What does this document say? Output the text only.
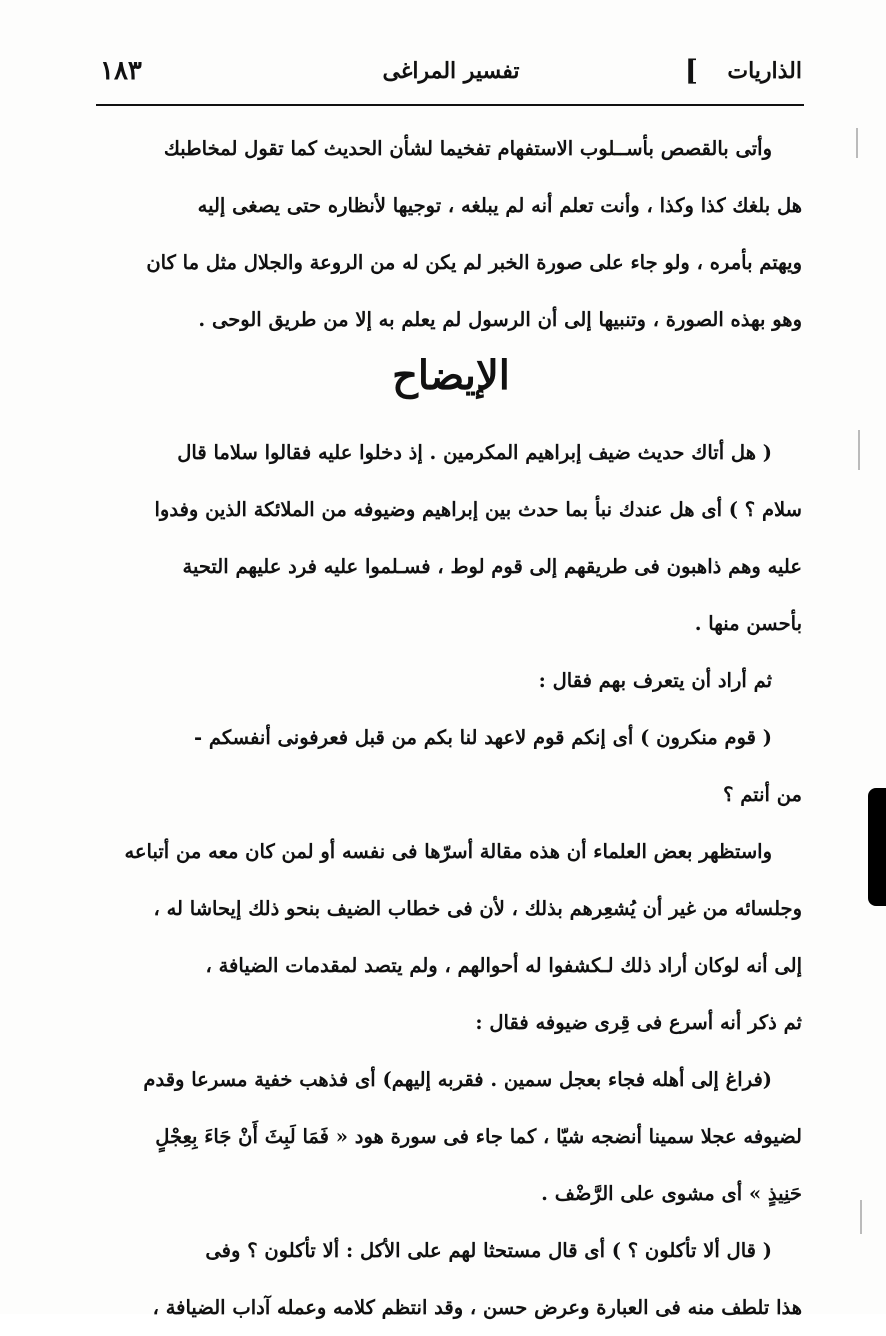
الذاريات
]
تفسير المراغى
١٨٣

وأتى بالقصص بأســلوب الاستفهام تفخيما لشأن الحديث كما تقول لمخاطبك

هل بلغك كذا وكذا ، وأنت تعلم أنه لم يبلغه ، توجيها لأنظاره حتى يصغى إليه

ويهتم بأمره ، ولو جاء على صورة الخبر لم يكن له من الروعة والجلال مثل ما كان

وهو بهذه الصورة ، وتنبيها إلى أن الرسول لم يعلم به إلا من طريق الوحى .

الإيضاح

( هل أتاك حديث ضيف إبراهيم المكرمين . إذ دخلوا عليه فقالوا سلاما قال

سلام ؟ ) أى هل عندك نبأ بما حدث بين إبراهيم وضيوفه من الملائكة الذين وفدوا

عليه وهم ذاهبون فى طريقهم إلى قوم لوط ، فسـلموا عليه فرد عليهم التحية

بأحسن منها .

ثم أراد أن يتعرف بهم فقال :

( قوم منكرون ) أى إنكم قوم لاعهد لنا بكم من قبل فعرفونى أنفسكم -

من أنتم ؟

واستظهر بعض العلماء أن هذه مقالة أسرّها فى نفسه أو لمن كان معه من أتباعه

وجلسائه من غير أن يُشعِرهم بذلك ، لأن فى خطاب الضيف بنحو ذلك إيحاشا له ،

إلى أنه لوكان أراد ذلك لـكشفوا له أحوالهم ، ولم يتصد لمقدمات الضيافة ،

ثم ذكر أنه أسرع فى قِرى ضيوفه فقال :

(فراغ إلى أهله فجاء بعجل سمين . فقربه إليهم) أى فذهب خفية مسرعا وقدم

لضيوفه عجلا سمينا أنضجه شيّا ، كما جاء فى سورة هود « فَمَا لَبِثَ أَنْ جَاءَ بِعِجْلٍ

حَنِيذٍ » أى مشوى على الرَّضْف .

( قال ألا تأكلون ؟ ) أى قال مستحثا لهم على الأكل : ألا تأكلون ؟ وفى

هذا تلطف منه فى العبارة وعرض حسن ، وقد انتظم كلامه وعمله آداب الضيافة ،
